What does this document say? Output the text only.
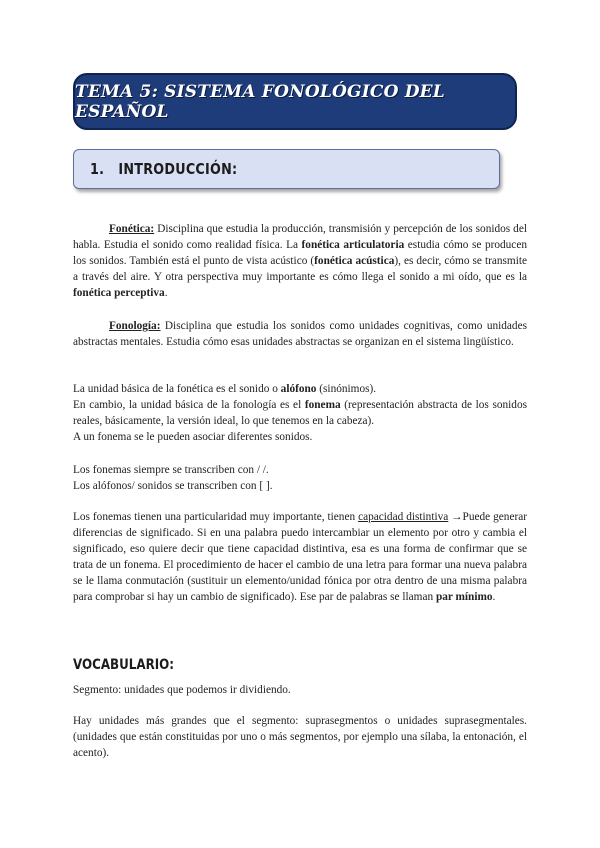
TEMA 5: SISTEMA FONOLÓGICO DEL ESPAÑOL
1. INTRODUCCIÓN:
Fonética: Disciplina que estudia la producción, transmisión y percepción de los sonidos del habla. Estudia el sonido como realidad física. La fonética articulatoria estudia cómo se producen los sonidos. También está el punto de vista acústico (fonética acústica), es decir, cómo se transmite a través del aire. Y otra perspectiva muy importante es cómo llega el sonido a mi oído, que es la fonética perceptiva.
Fonología: Disciplina que estudia los sonidos como unidades cognitivas, como unidades abstractas mentales. Estudia cómo esas unidades abstractas se organizan en el sistema lingüístico.
La unidad básica de la fonética es el sonido o alófono (sinónimos).
En cambio, la unidad básica de la fonología es el fonema (representación abstracta de los sonidos reales, básicamente, la versión ideal, lo que tenemos en la cabeza).
A un fonema se le pueden asociar diferentes sonidos.
Los fonemas siempre se transcriben con / /.
Los alófonos/ sonidos se transcriben con [ ].
Los fonemas tienen una particularidad muy importante, tienen capacidad distintiva →Puede generar diferencias de significado. Si en una palabra puedo intercambiar un elemento por otro y cambia el significado, eso quiere decir que tiene capacidad distintiva, esa es una forma de confirmar que se trata de un fonema. El procedimiento de hacer el cambio de una letra para formar una nueva palabra se le llama conmutación (sustituir un elemento/unidad fónica por otra dentro de una misma palabra para comprobar si hay un cambio de significado). Ese par de palabras se llaman par mínimo.
VOCABULARIO:
Segmento: unidades que podemos ir dividiendo.
Hay unidades más grandes que el segmento: suprasegmentos o unidades suprasegmentales. (unidades que están constituidas por uno o más segmentos, por ejemplo una sílaba, la entonación, el acento).
